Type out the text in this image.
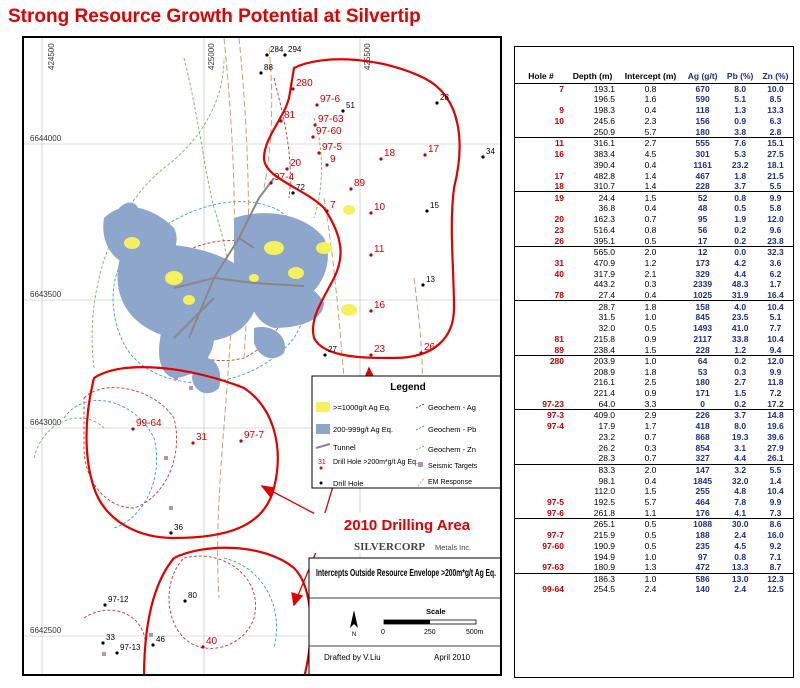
Strong Resource Growth Potential at Silvertip
424500	425000	425500
6644000
6643500
6643000
6642500
Legend
>=1000g/t Ag Eq.
200-999g/t Ag Eq.
Tunnel
31 Drill Hole >200m*g/t Ag Eq.
Drill Hole
Geochem - Ag
Geochem - Pb
Geochem - Zn
Seismic Targets
EM Response
2010 Drilling Area
SILVERCORP Metals Inc.
Intercepts Outside Resource Envelope >200m*g/t Ag Eq.
Scale
0	250	500m
N
Drafted by V.Liu	April 2010
280
97-6
97-63
97-60
81
97-5
20	9
18	17
97-4
89
7	10
11
16
23	26
99-64
31	97-7
40
284 294
88
28
51
34
72
15
13
27
36
97-12	80
33
97-13
46
Hole #	Depth (m)	Intercept (m)	Ag (g/t)	Pb (%)	Zn (%)
7	193.1	0.8	670	8.0	10.0
	196.5	1.6	590	5.1	8.5
9	198.3	0.4	118	1.3	13.3
10	245.6	2.3	156	0.9	6.3
	250.9	5.7	180	3.8	2.8
11	316.1	2.7	555	7.6	15.1
16	383.4	4.5	301	5.3	27.5
	390.4	0.4	1161	23.2	18.1
17	482.8	1.4	467	1.8	21.5
18	310.7	1.4	228	3.7	5.5
19	24.4	1.5	52	0.8	9.9
	36.8	0.4	48	0.5	5.8
20	162.3	0.7	95	1.9	12.0
23	516.4	0.8	56	0.2	9.6
26	395.1	0.5	17	0.2	23.8
	565.0	2.0	12	0.0	32.3
31	470.9	1.2	173	4.2	3.6
40	317.9	2.1	329	4.4	6.2
	443.2	0.3	2339	48.3	1.7
78	27.4	0.4	1025	31.9	16.4
	28.7	1.8	158	4.0	10.4
	31.5	1.0	845	23.5	5.1
	32.0	0.5	1493	41.0	7.7
81	215.8	0.9	2117	33.8	10.4
89	238.4	1.5	228	1.2	9.4
280	203.9	1.0	64	0.2	12.0
	208.9	1.8	53	0.3	9.9
	216.1	2.5	180	2.7	11.8
	221.4	0.9	171	1.5	7.2
97-23	64.0	3.3	0	0.2	17.2
97-3	409.0	2.9	226	3.7	14.8
97-4	17.9	1.7	418	8.0	19.6
	23.2	0.7	868	19.3	39.6
	26.2	0.3	854	3.1	27.9
	28.3	0.7	327	4.4	26.1
	83.3	2.0	147	3.2	5.5
	98.1	0.4	1845	32.0	1.4
	112.0	1.5	255	4.8	10.4
97-5	192.5	5.7	464	7.8	9.9
97-6	261.8	1.1	176	4.1	7.3
	265.1	0.5	1088	30.0	8.6
97-7	215.9	0.5	188	2.4	16.0
97-60	190.9	0.5	235	4.5	9.2
	194.9	1.0	97	0.8	7.1
97-63	180.9	1.3	472	13.3	8.7
	186.3	1.0	586	13.0	12.3
99-64	254.5	2.4	140	2.4	12.5
